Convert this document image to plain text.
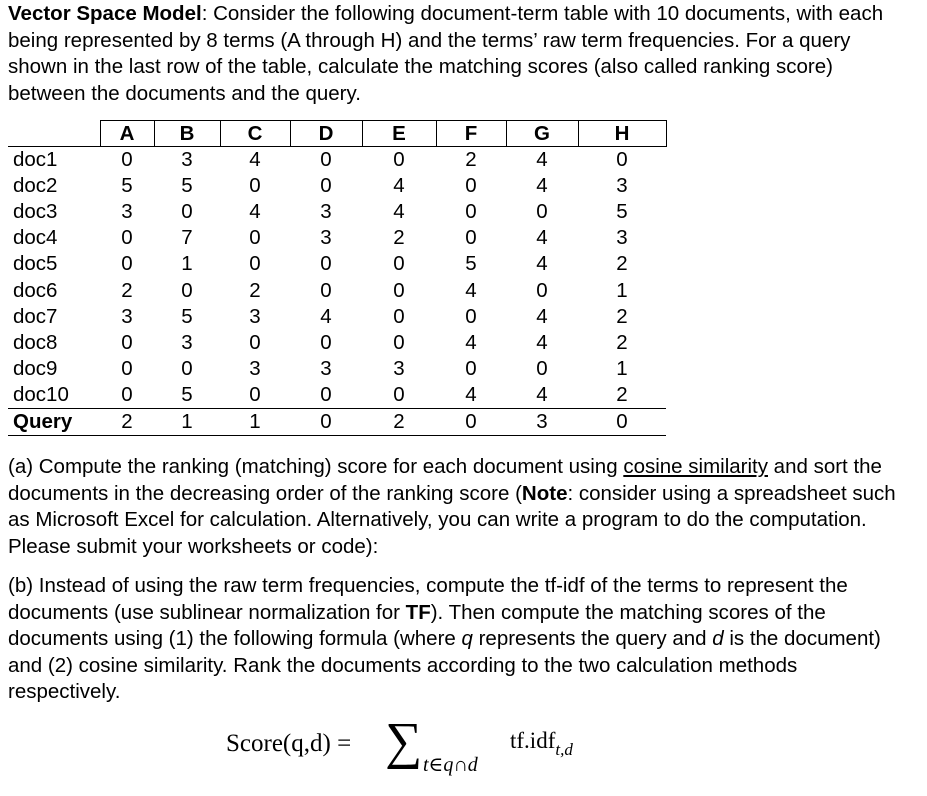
Vector Space Model: Consider the following document-term table with 10 documents, with each being represented by 8 terms (A through H) and the terms’ raw term frequencies. For a query shown in the last row of the table, calculate the matching scores (also called ranking score) between the documents and the query.

	A	B	C	D	E	F	G	H
doc1	0	3	4	0	0	2	4	0
doc2	5	5	0	0	4	0	4	3
doc3	3	0	4	3	4	0	0	5
doc4	0	7	0	3	2	0	4	3
doc5	0	1	0	0	0	5	4	2
doc6	2	0	2	0	0	4	0	1
doc7	3	5	3	4	0	0	4	2
doc8	0	3	0	0	0	4	4	2
doc9	0	0	3	3	3	0	0	1
doc10	0	5	0	0	0	4	4	2
Query	2	1	1	0	2	0	3	0

(a) Compute the ranking (matching) score for each document using cosine similarity and sort the documents in the decreasing order of the ranking score (Note: consider using a spreadsheet such as Microsoft Excel for calculation. Alternatively, you can write a program to do the computation. Please submit your worksheets or code):

(b) Instead of using the raw term frequencies, compute the tf-idf of the terms to represent the documents (use sublinear normalization for TF). Then compute the matching scores of the documents using (1) the following formula (where q represents the query and d is the document) and (2) cosine similarity. Rank the documents according to the two calculation methods respectively.

Score(q,d) = ∑ t∈q∩d
tf.idf$_{t,d}$
